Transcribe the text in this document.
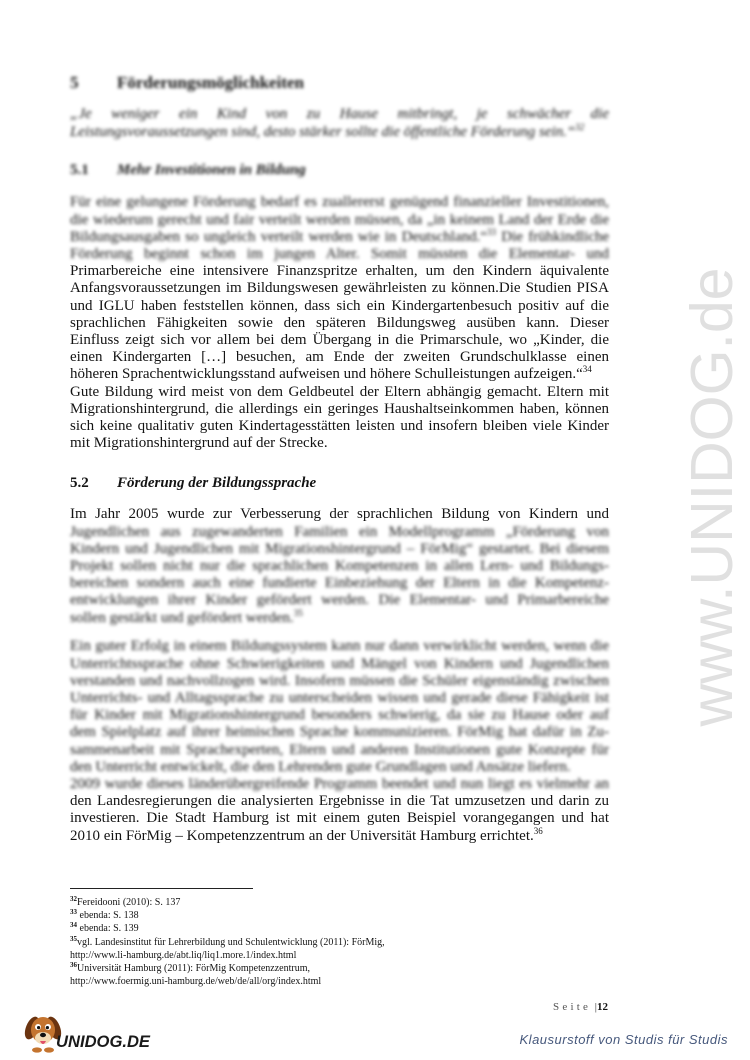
www.UNIDOG.de
5 Förderungsmöglichkeiten
„Je weniger ein Kind von zu Hause mitbringt, je schwächer die
Leistungsvoraussetzungen sind, desto stärker sollte die öffentliche Förderung sein.“$^{32}$
5.1 Mehr Investitionen in Bildung
Für eine gelungene Förderung bedarf es zuallererst genügend finanzieller Investitionen,
die wiederum gerecht und fair verteilt werden müssen, da „in keinem Land der Erde die
Bildungsausgaben so ungleich verteilt werden wie in Deutschland.“$^{33}$ Die frühkindliche
Förderung beginnt schon im jungen Alter. Somit müssten die Elementar- und
Primarbereiche eine intensivere Finanzspritze erhalten, um den Kindern äquivalente
Anfangsvoraussetzungen im Bildungswesen gewährleisten zu können.Die Studien PISA
und IGLU haben feststellen können, dass sich ein Kindergartenbesuch positiv auf die
sprachlichen Fähigkeiten sowie den späteren Bildungsweg ausüben kann. Dieser
Einfluss zeigt sich vor allem bei dem Übergang in die Primarschule, wo „Kinder, die
einen Kindergarten […] besuchen, am Ende der zweiten Grundschulklasse einen
höheren Sprachentwicklungsstand aufweisen und höhere Schulleistungen aufzeigen.“$^{34}$
Gute Bildung wird meist von dem Geldbeutel der Eltern abhängig gemacht. Eltern mit
Migrationshintergrund, die allerdings ein geringes Haushaltseinkommen haben, können
sich keine qualitativ guten Kindertagesstätten leisten und insofern bleiben viele Kinder
mit Migrationshintergrund auf der Strecke.
5.2 Förderung der Bildungssprache
Im Jahr 2005 wurde zur Verbesserung der sprachlichen Bildung von Kindern und
Jugendlichen aus zugewanderten Familien ein Modellprogramm „Förderung von
Kindern und Jugendlichen mit Migrationshintergrund – FörMig“ gestartet. Bei diesem
Projekt sollen nicht nur die sprachlichen Kompetenzen in allen Lern- und Bildungs-
bereichen sondern auch eine fundierte Einbeziehung der Eltern in die Kompetenz-
entwicklungen ihrer Kinder gefördert werden. Die Elementar- und Primarbereiche
sollen gestärkt und gefördert werden.$^{35}$
Ein guter Erfolg in einem Bildungssystem kann nur dann verwirklicht werden, wenn die
Unterrichtssprache ohne Schwierigkeiten und Mängel von Kindern und Jugendlichen
verstanden und nachvollzogen wird. Insofern müssen die Schüler eigenständig zwischen
Unterrichts- und Alltagssprache zu unterscheiden wissen und gerade diese Fähigkeit ist
für Kinder mit Migrationshintergrund besonders schwierig, da sie zu Hause oder auf
dem Spielplatz auf ihrer heimischen Sprache kommunizieren. FörMig hat dafür in Zu-
sammenarbeit mit Sprachexperten, Eltern und anderen Institutionen gute Konzepte für
den Unterricht entwickelt, die den Lehrenden gute Grundlagen und Ansätze liefern.
2009 wurde dieses länderübergreifende Programm beendet und nun liegt es vielmehr an
den Landesregierungen die analysierten Ergebnisse in die Tat umzusetzen und darin zu
investieren. Die Stadt Hamburg ist mit einem guten Beispiel vorangegangen und hat
2010 ein FörMig – Kompetenzzentrum an der Universität Hamburg errichtet.$^{36}$
$^{32}$Fereidooni (2010): S. 137
$^{33}$ ebenda: S. 138
$^{34}$ ebenda: S. 139
$^{35}$vgl. Landesinstitut für Lehrerbildung und Schulentwicklung (2011): FörMig,
http://www.li-hamburg.de/abt.liq/liq1.more.1/index.html
$^{36}$Universität Hamburg (2011): FörMig Kompetenzzentrum,
http://www.foermig.uni-hamburg.de/web/de/all/org/index.html
Seite |12
UNIDOG.DE	Klausurstoff von Studis für Studis
